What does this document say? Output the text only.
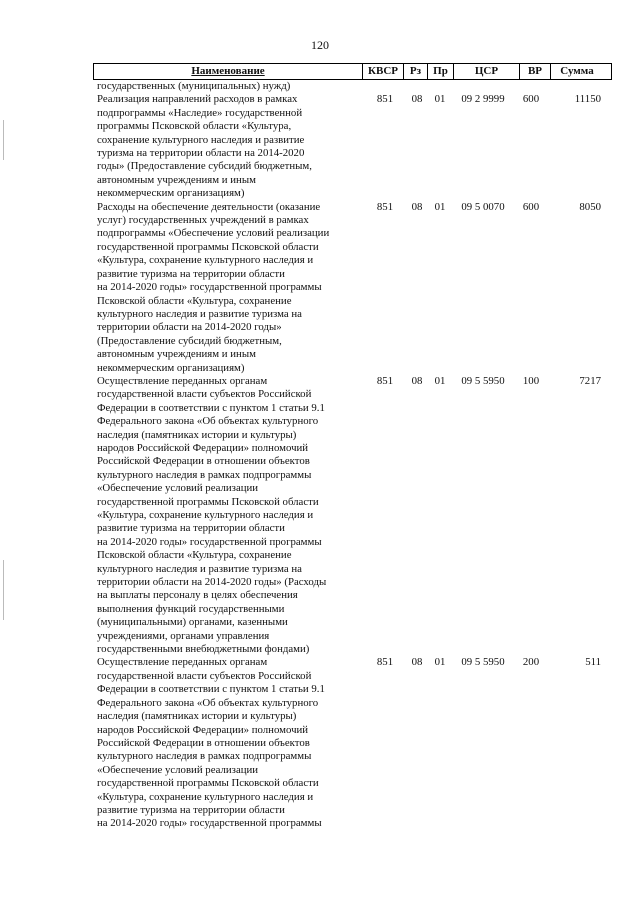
120
Наименование	КВСР	Рз	Пр	ЦСР	ВР	Сумма
государственных (муниципальных) нужд)
Реализация направлений расходов в рамках
подпрограммы «Наследие» государственной
программы Псковской области «Культура,
сохранение культурного наследия и развитие
туризма на территории области на 2014-2020
годы» (Предоставление субсидий бюджетным,
автономным учреждениям и иным
некоммерческим организациям)
851	08	01	09 2 9999	600	11150
Расходы на обеспечение деятельности (оказание
услуг) государственных учреждений в рамках
подпрограммы «Обеспечение условий реализации
государственной программы Псковской области
«Культура, сохранение культурного наследия и
развитие туризма на территории области
на 2014-2020 годы» государственной программы
Псковской области «Культура, сохранение
культурного наследия и развитие туризма на
территории области на 2014-2020 годы»
(Предоставление субсидий бюджетным,
автономным учреждениям и иным
некоммерческим организациям)
851	08	01	09 5 0070	600	8050
Осуществление переданных органам
государственной власти субъектов Российской
Федерации в соответствии с пунктом 1 статьи 9.1
Федерального закона «Об объектах культурного
наследия (памятниках истории и культуры)
народов Российской Федерации» полномочий
Российской Федерации в отношении объектов
культурного наследия в рамках подпрограммы
«Обеспечение условий реализации
государственной программы Псковской области
«Культура, сохранение культурного наследия и
развитие туризма на территории области
на 2014-2020 годы» государственной программы
Псковской области «Культура, сохранение
культурного наследия и развитие туризма на
территории области на 2014-2020 годы» (Расходы
на выплаты персоналу в целях обеспечения
выполнения функций государственными
(муниципальными) органами, казенными
учреждениями, органами управления
государственными внебюджетными фондами)
851	08	01	09 5 5950	100	7217
Осуществление переданных органам
государственной власти субъектов Российской
Федерации в соответствии с пунктом 1 статьи 9.1
Федерального закона «Об объектах культурного
наследия (памятниках истории и культуры)
народов Российской Федерации» полномочий
Российской Федерации в отношении объектов
культурного наследия в рамках подпрограммы
«Обеспечение условий реализации
государственной программы Псковской области
«Культура, сохранение культурного наследия и
развитие туризма на территории области
на 2014-2020 годы» государственной программы
851	08	01	09 5 5950	200	511
